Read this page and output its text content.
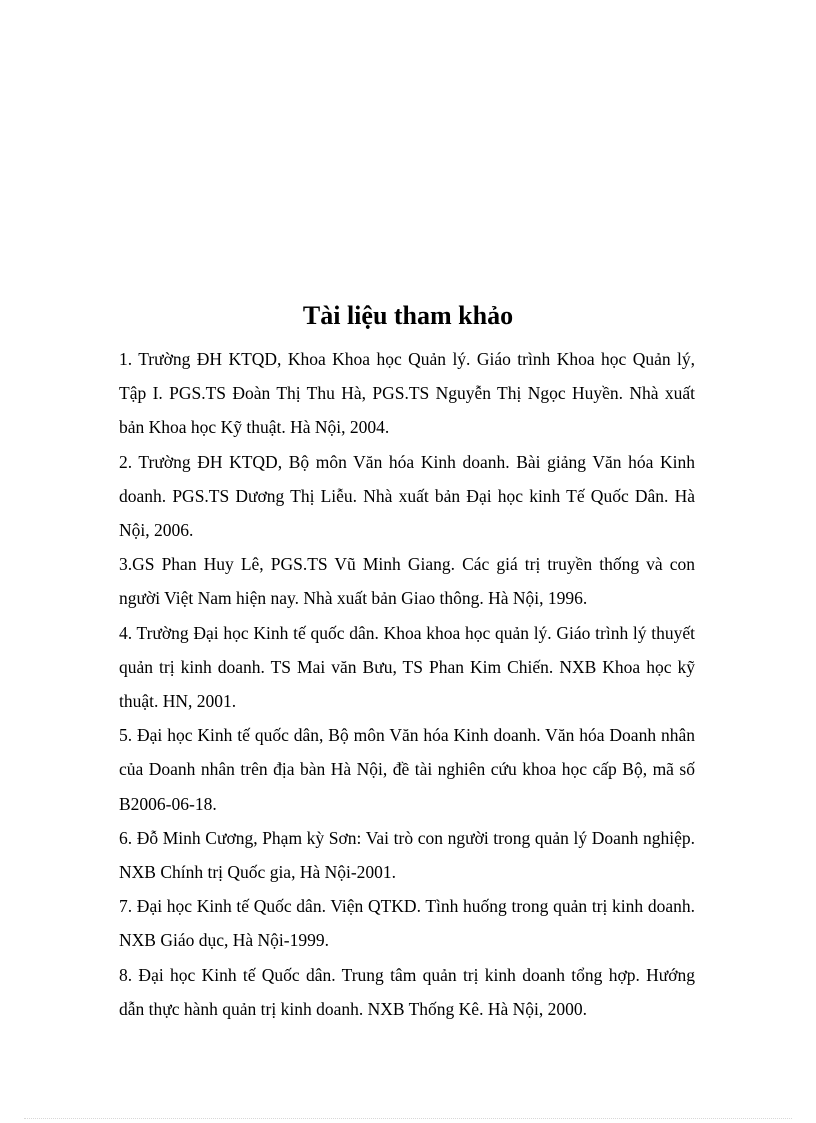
Tài liệu tham khảo
1. Trường ĐH KTQD, Khoa Khoa học Quản lý. Giáo trình Khoa học Quản lý, Tập I. PGS.TS Đoàn Thị Thu Hà, PGS.TS Nguyễn Thị Ngọc Huyền. Nhà xuất bản Khoa học Kỹ thuật. Hà Nội, 2004.
2. Trường ĐH KTQD, Bộ môn Văn hóa Kinh doanh. Bài giảng Văn hóa Kinh doanh. PGS.TS Dương Thị Liễu. Nhà xuất bản Đại học kinh Tế Quốc Dân. Hà Nội, 2006.
3.GS Phan Huy Lê, PGS.TS Vũ Minh Giang. Các giá trị truyền thống và con người Việt Nam hiện nay. Nhà xuất bản Giao thông. Hà Nội, 1996.
4. Trường Đại học Kinh tế quốc dân. Khoa khoa học quản lý. Giáo trình lý thuyết quản trị kinh doanh. TS Mai văn Bưu, TS Phan Kim Chiến. NXB Khoa học kỹ thuật. HN, 2001.
5. Đại học Kinh tế quốc dân, Bộ môn Văn hóa Kinh doanh. Văn hóa Doanh nhân của Doanh nhân trên địa bàn Hà Nội, đề tài nghiên cứu khoa học cấp Bộ, mã số B2006-06-18.
6. Đỗ Minh Cương, Phạm kỳ Sơn: Vai trò con người trong quản lý Doanh nghiệp. NXB Chính trị Quốc gia, Hà Nội-2001.
7. Đại học Kinh tế Quốc dân. Viện QTKD. Tình huống trong quản trị kinh doanh. NXB Giáo dục, Hà Nội-1999.
8. Đại học Kinh tế Quốc dân. Trung tâm quản trị kinh doanh tổng hợp. Hướng dẫn thực hành quản trị kinh doanh. NXB Thống Kê. Hà Nội, 2000.
